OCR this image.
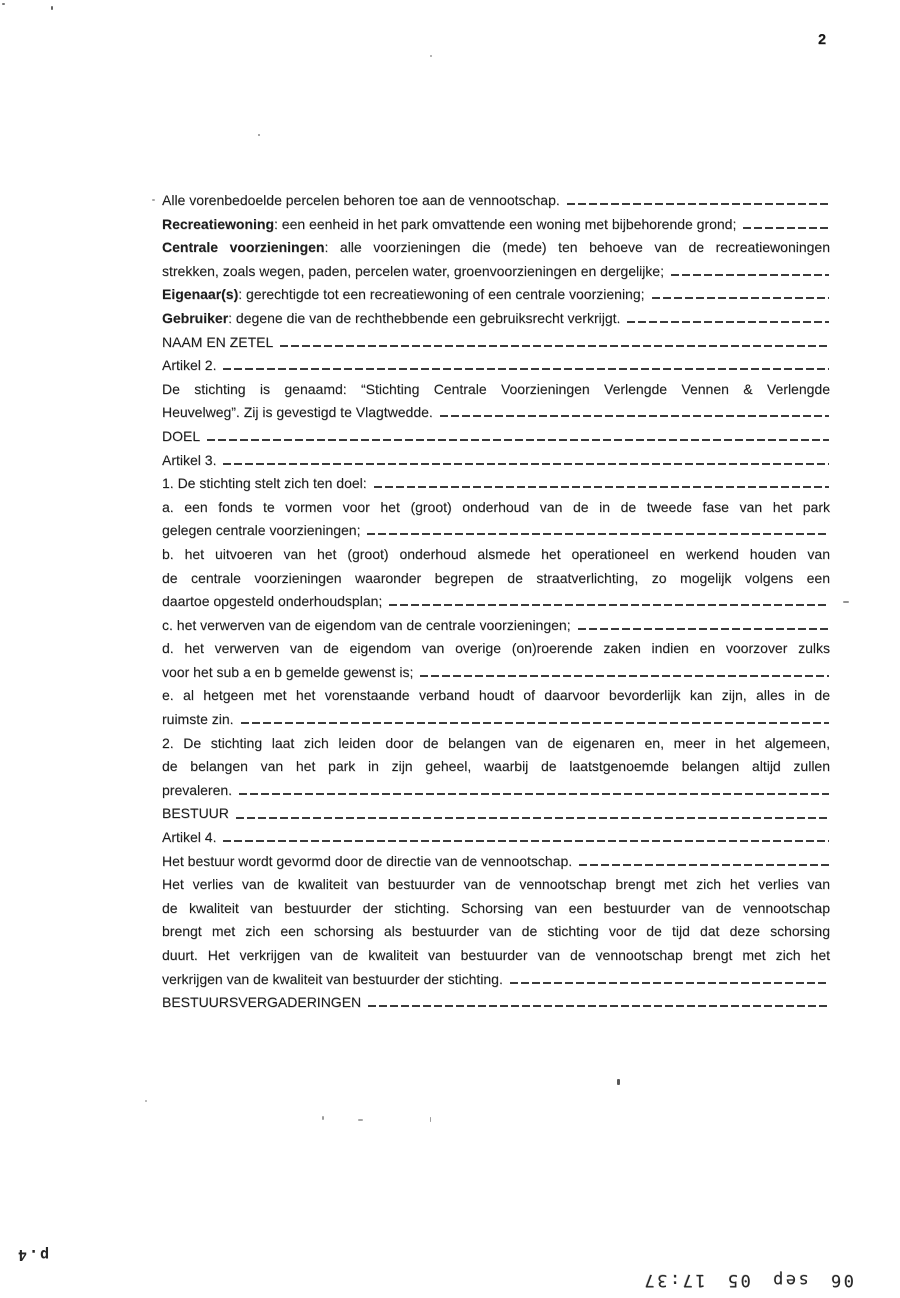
2
Alle vorenbedoelde percelen behoren toe aan de vennootschap.
Recreatiewoning: een eenheid in het park omvattende een woning met bijbehorende grond;
Centrale voorzieningen: alle voorzieningen die (mede) ten behoeve van de recreatiewoningen
strekken, zoals wegen, paden, percelen water, groenvoorzieningen en dergelijke;
Eigenaar(s): gerechtigde tot een recreatiewoning of een centrale voorziening;
Gebruiker: degene die van de rechthebbende een gebruiksrecht verkrijgt.
NAAM EN ZETEL
Artikel 2.
De stichting is genaamd: “Stichting Centrale Voorzieningen Verlengde Vennen & Verlengde
Heuvelweg”. Zij is gevestigd te Vlagtwedde.
DOEL
Artikel 3.
1. De stichting stelt zich ten doel:
a. een fonds te vormen voor het (groot) onderhoud van de in de tweede fase van het park
gelegen centrale voorzieningen;
b. het uitvoeren van het (groot) onderhoud alsmede het operationeel en werkend houden van
de centrale voorzieningen waaronder begrepen de straatverlichting, zo mogelijk volgens een
daartoe opgesteld onderhoudsplan;
c. het verwerven van de eigendom van de centrale voorzieningen;
d. het verwerven van de eigendom van overige (on)roerende zaken indien en voorzover zulks
voor het sub a en b gemelde gewenst is;
e. al hetgeen met het vorenstaande verband houdt of daarvoor bevorderlijk kan zijn, alles in de
ruimste zin.
2. De stichting laat zich leiden door de belangen van de eigenaren en, meer in het algemeen,
de belangen van het park in zijn geheel, waarbij de laatstgenoemde belangen altijd zullen
prevaleren.
BESTUUR
Artikel 4.
Het bestuur wordt gevormd door de directie van de vennootschap.
Het verlies van de kwaliteit van bestuurder van de vennootschap brengt met zich het verlies van
de kwaliteit van bestuurder der stichting. Schorsing van een bestuurder van de vennootschap
brengt met zich een schorsing als bestuurder van de stichting voor de tijd dat deze schorsing
duurt. Het verkrijgen van de kwaliteit van bestuurder van de vennootschap brengt met zich het
verkrijgen van de kwaliteit van bestuurder der stichting.
BESTUURSVERGADERINGEN
06 sep 05 17:37
p.4
